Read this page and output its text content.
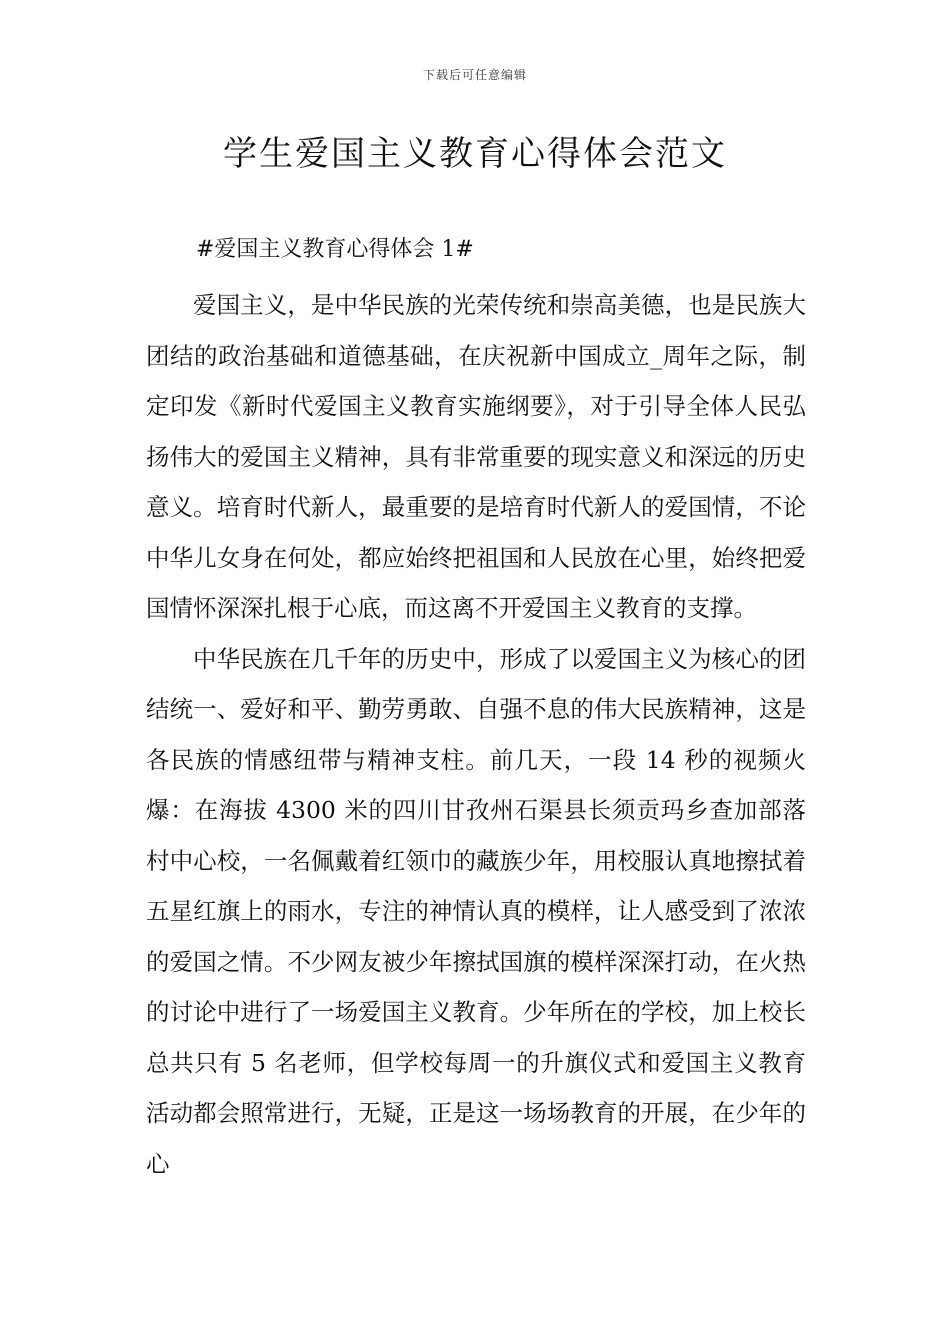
下载后可任意编辑
学生爱国主义教育心得体会范文
#爱国主义教育心得体会 1#

爱国主义，是中华民族的光荣传统和崇高美德，也是民族大团结的政治基础和道德基础，在庆祝新中国成立_周年之际，制定印发《新时代爱国主义教育实施纲要》，对于引导全体人民弘扬伟大的爱国主义精神，具有非常重要的现实意义和深远的历史意义。培育时代新人，最重要的是培育时代新人的爱国情，不论中华儿女身在何处，都应始终把祖国和人民放在心里，始终把爱国情怀深深扎根于心底，而这离不开爱国主义教育的支撑。

中华民族在几千年的历史中，形成了以爱国主义为核心的团结统一、爱好和平、勤劳勇敢、自强不息的伟大民族精神，这是各民族的情感纽带与精神支柱。前几天，一段 14 秒的视频火爆：在海拔 4300 米的四川甘孜州石渠县长须贡玛乡查加部落村中心校，一名佩戴着红领巾的藏族少年，用校服认真地擦拭着五星红旗上的雨水，专注的神情认真的模样，让人感受到了浓浓的爱国之情。不少网友被少年擦拭国旗的模样深深打动，在火热的讨论中进行了一场爱国主义教育。少年所在的学校，加上校长总共只有 5 名老师，但学校每周一的升旗仪式和爱国主义教育活动都会照常进行，无疑，正是这一场场教育的开展，在少年的心
